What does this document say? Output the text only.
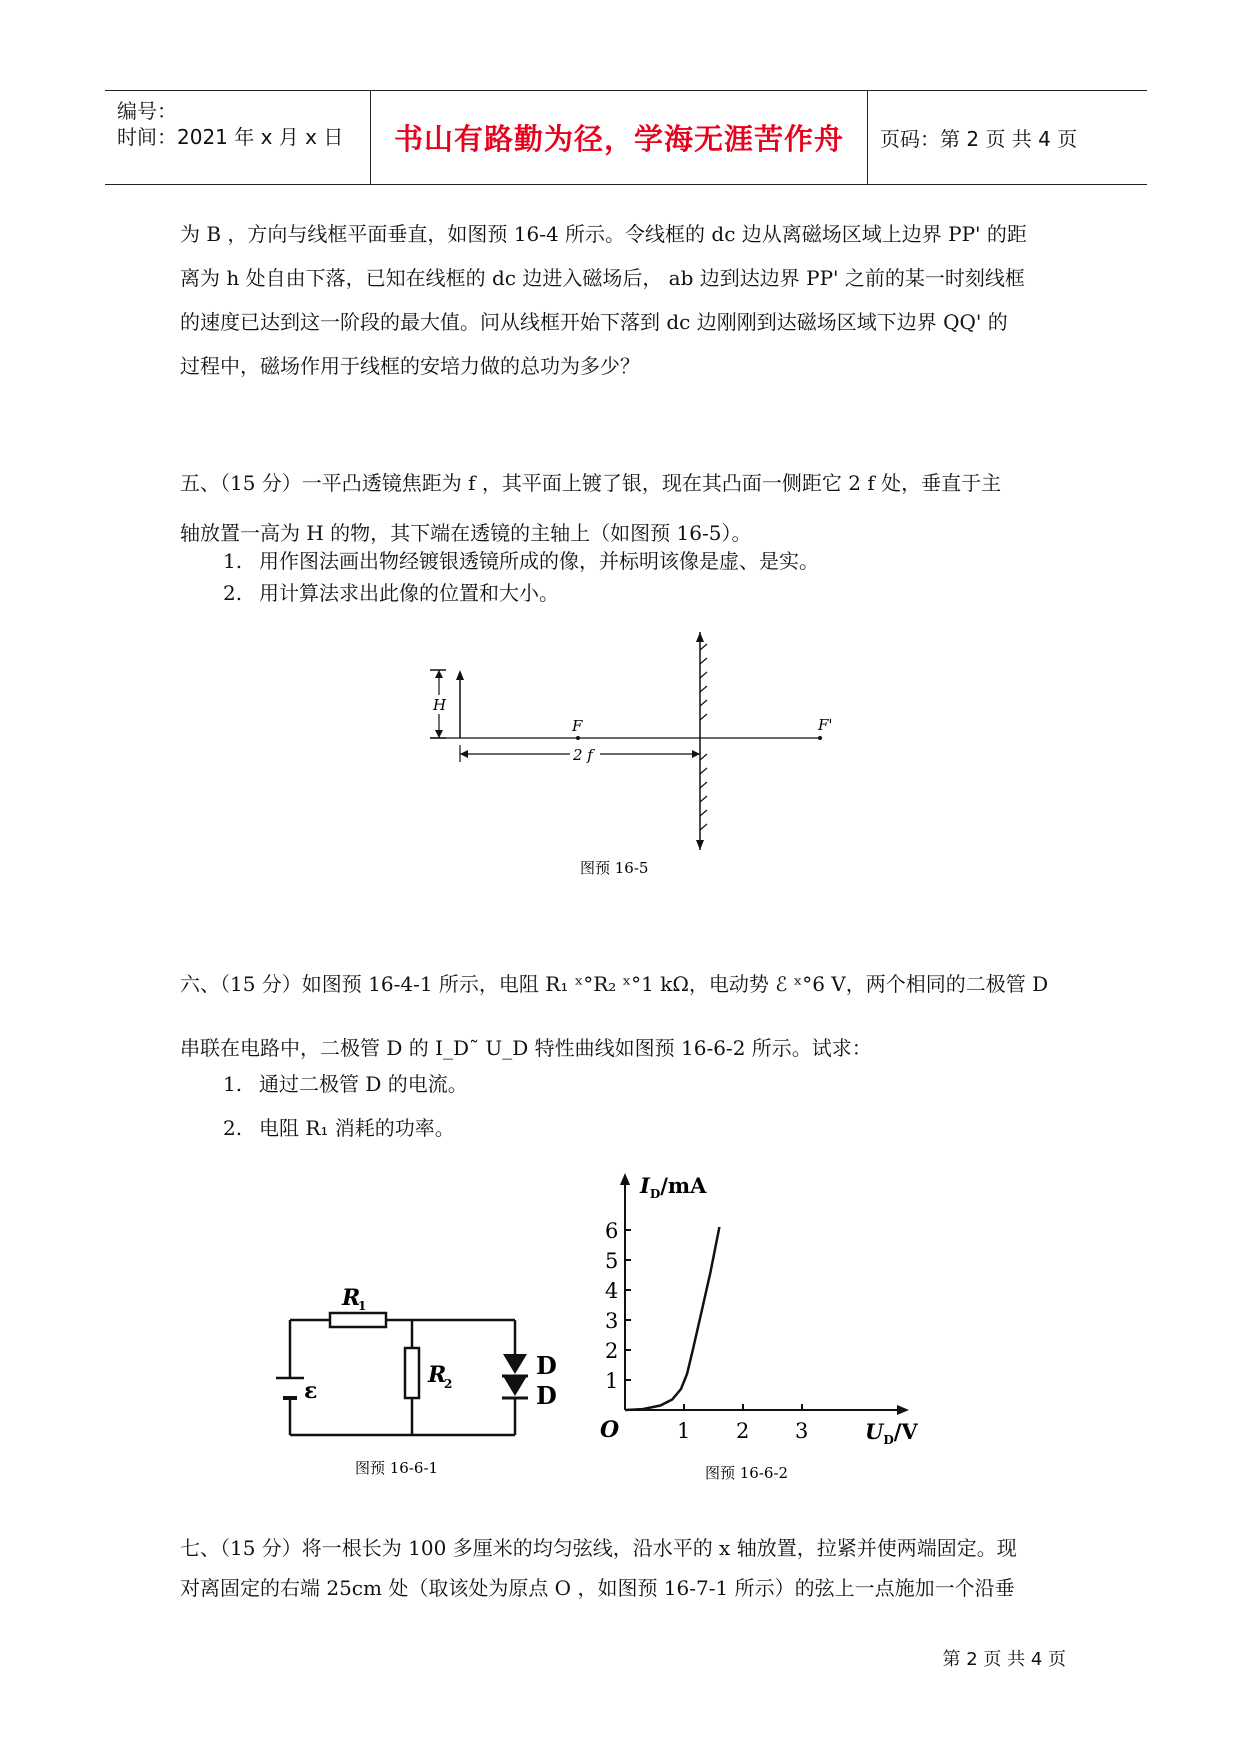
编号：
时间：2021 年 x 月 x 日 书山有路勤为径，学海无涯苦作舟 页码：第 2 页 共 4 页
为 B ，方向与线框平面垂直，如图预 16-4 所示。令线框的 dc 边从离磁场区域上边界 PP' 的距
离为 h 处自由下落，已知在线框的 dc 边进入磁场后， ab 边到达边界 PP' 之前的某一时刻线框
的速度已达到这一阶段的最大值。问从线框开始下落到 dc 边刚刚到达磁场区域下边界 QQ' 的
过程中，磁场作用于线框的安培力做的总功为多少？
五、（15 分）一平凸透镜焦距为 f ，其平面上镀了银，现在其凸面一侧距它 2 f 处，垂直于主
轴放置一高为 H 的物，其下端在透镜的主轴上（如图预 16-5）。
1. 用作图法画出物经镀银透镜所成的像，并标明该像是虚、是实。
2. 用计算法求出此像的位置和大小。
H
F	F'
2 f
图预 16-5
六、（15 分）如图预 16-4-1 所示，电阻 R₁ ˣ°R₂ ˣ°1 kΩ，电动势 ℰ ˣ°6 V，两个相同的二极管 D
串联在电路中，二极管 D 的 I_D˜ U_D 特性曲线如图预 16-6-2 所示。试求：
1. 通过二极管 D 的电流。
2. 电阻 R₁ 消耗的功率。
ε
R
1
R
2
D
D
图预 16-6-1
1 2 3
1
2
3
4
5
6
O
$I_D/mA$
$U_D/V$
图预 16-6-2
七、（15 分）将一根长为 100 多厘米的均匀弦线，沿水平的 x 轴放置，拉紧并使两端固定。现
对离固定的右端 25cm 处（取该处为原点 O ，如图预 16-7-1 所示）的弦上一点施加一个沿垂
第 2 页 共 4 页
